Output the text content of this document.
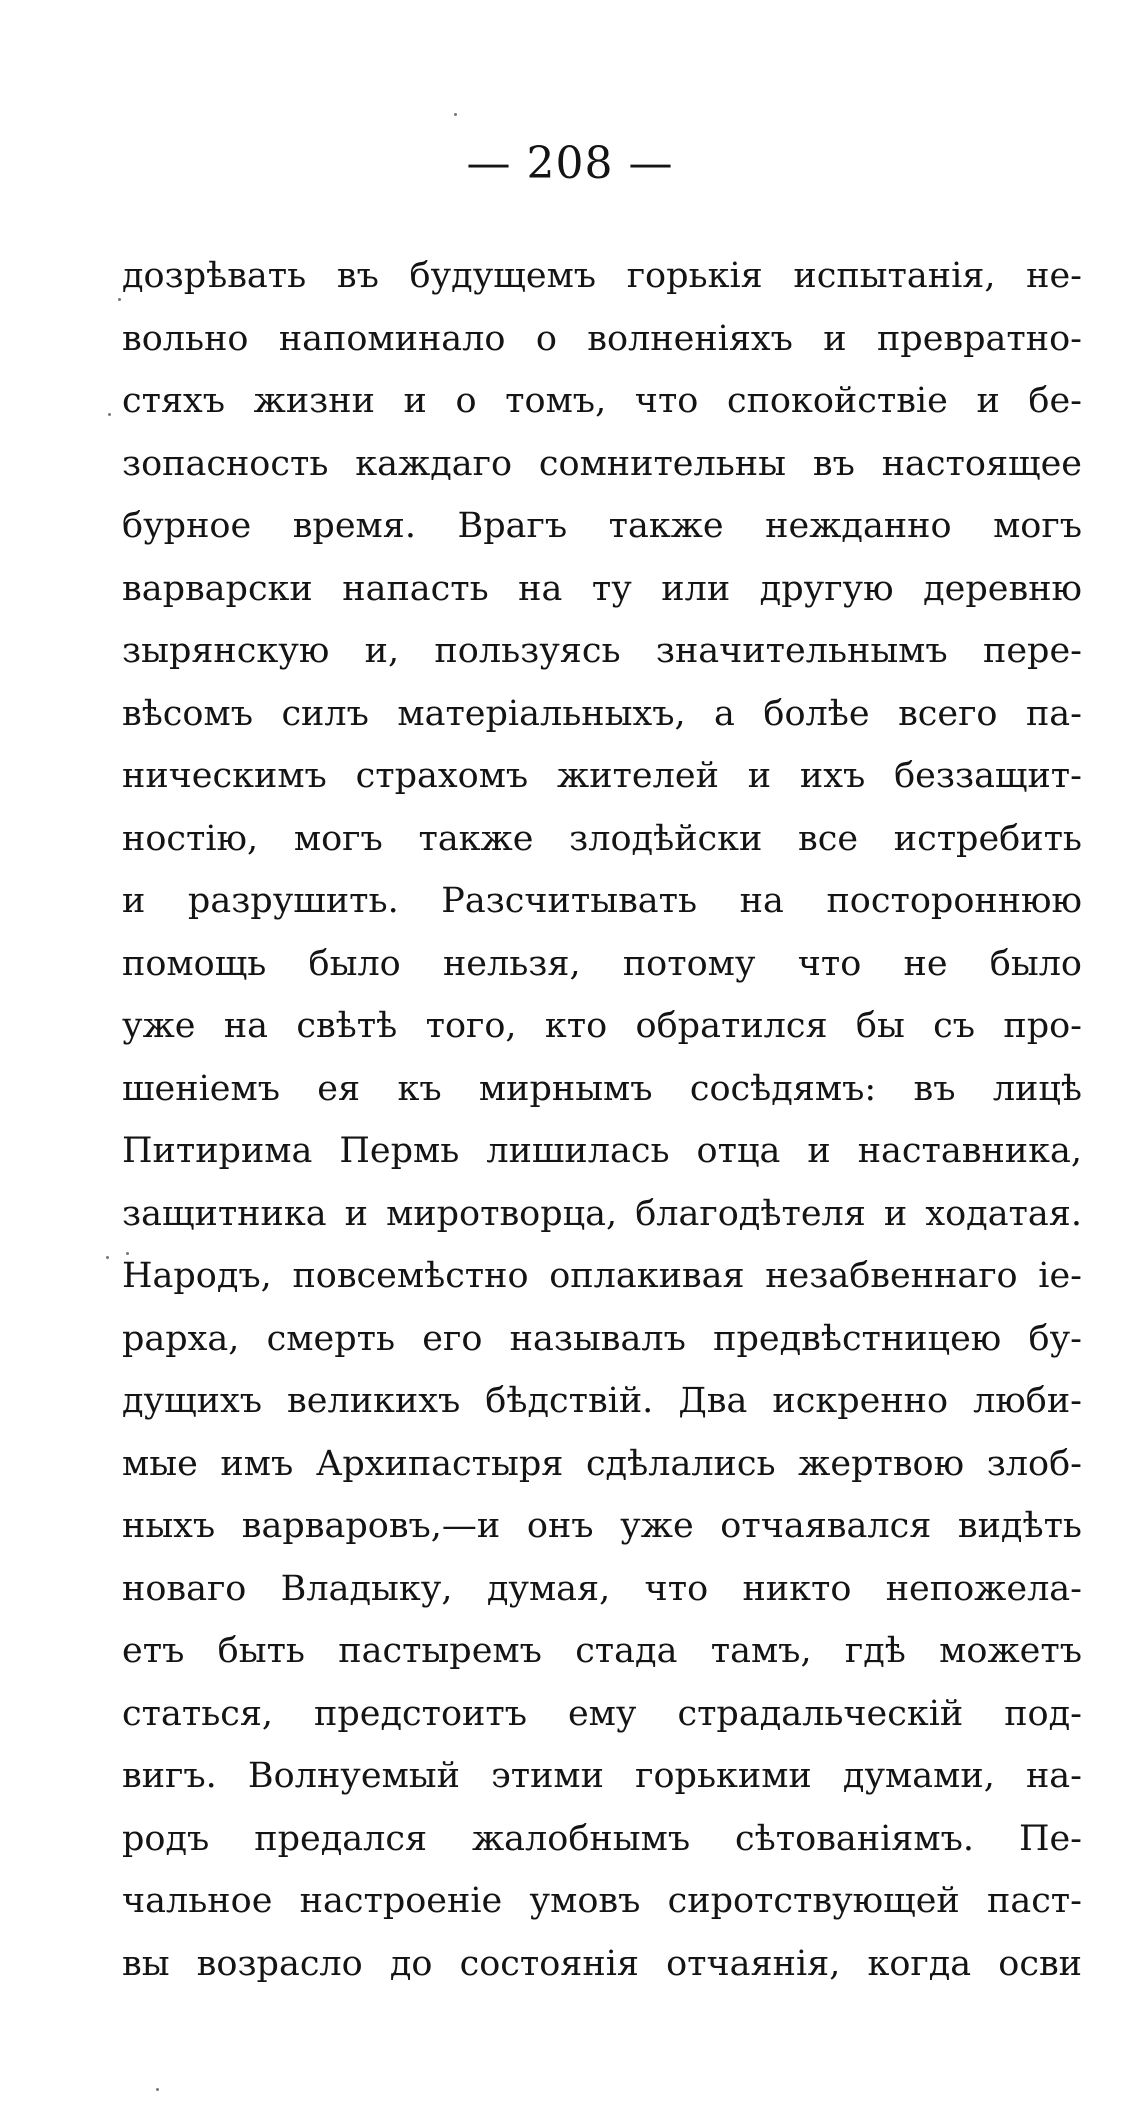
— 208 —
дозрѣвать въ будущемъ горькія испытанія, не-
вольно напоминало о волненіяхъ и превратно-
стяхъ жизни и о томъ, что спокойствіе и бе-
зопасность каждаго сомнительны въ настоящее
бурное время. Врагъ также нежданно могъ
варварски напасть на ту или другую деревню
зырянскую и, пользуясь значительнымъ пере-
вѣсомъ силъ матеріальныхъ, а болѣе всего па-
ническимъ страхомъ жителей и ихъ беззащит-
ностію, могъ также злодѣйски все истребить
и разрушить. Разсчитывать на постороннюю
помощь было нельзя, потому что не было
уже на свѣтѣ того, кто обратился бы съ про-
шеніемъ ея къ мирнымъ сосѣдямъ: въ лицѣ
Питирима Пермь лишилась отца и наставника,
защитника и миротворца, благодѣтеля и ходатая.
Народъ, повсемѣстно оплакивая незабвеннаго іе-
рарха, смерть его называлъ предвѣстницею бу-
дущихъ великихъ бѣдствій. Два искренно люби-
мые имъ Архипастыря сдѣлались жертвою злоб-
ныхъ варваровъ,—и онъ уже отчаявался видѣть
новаго Владыку, думая, что никто непожела-
етъ быть пастыремъ стада тамъ, гдѣ можетъ
статься, предстоитъ ему страдальческій под-
вигъ. Волнуемый этими горькими думами, на-
родъ предался жалобнымъ сѣтованіямъ. Пе-
чальное настроеніе умовъ сиротствующей паст-
вы возрасло до состоянія отчаянія, когда осви
